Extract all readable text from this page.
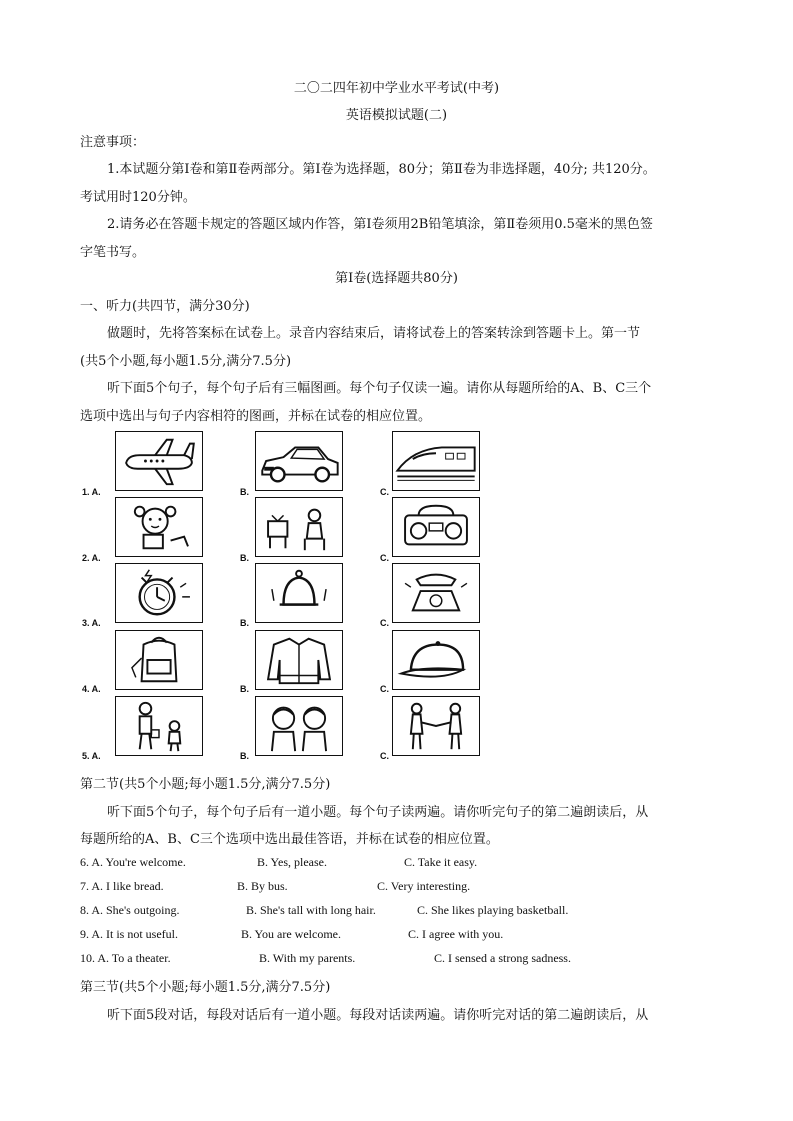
二〇二四年初中学业水平考试(中考)
英语模拟试题(二)
注意事项：
1.本试题分第Ⅰ卷和第Ⅱ卷两部分。第Ⅰ卷为选择题，80分；第Ⅱ卷为非选择题，40分; 共120分。
考试用时120分钟。
2.请务必在答题卡规定的答题区域内作答，第Ⅰ卷须用2B铅笔填涂，第Ⅱ卷须用0.5毫米的黑色签
字笔书写。
第Ⅰ卷(选择题共80分)
一、听力(共四节，满分30分)
做题时，先将答案标在试卷上。录音内容结束后，请将试卷上的答案转涂到答题卡上。第一节
(共5个小题,每小题1.5分,满分7.5分)
听下面5个句子，每个句子后有三幅图画。每个句子仅读一遍。请你从每题所给的A、B、C三个
选项中选出与句子内容相符的图画，并标在试卷的相应位置。
1. A.	B.	C.
2. A.	B.	C.
3. A.	B.	C.
4. A.	B.	C.
5. A.	B.	C.
第二节(共5个小题;每小题1.5分,满分7.5分)
听下面5个句子，每个句子后有一道小题。每个句子读两遍。请你听完句子的第二遍朗读后，从
每题所给的A、B、C三个选项中选出最佳答语，并标在试卷的相应位置。
6. A. You're welcome.	B. Yes, please.	C. Take it easy.
7. A. I like bread.	B. By bus.	C. Very interesting.
8. A. She's outgoing.	B. She's tall with long hair.	C. She likes playing basketball.
9. A. It is not useful.	B. You are welcome.	C. I agree with you.
10. A. To a theater.	B. With my parents.	C. I sensed a strong sadness.
第三节(共5个小题;每小题1.5分,满分7.5分)
听下面5段对话，每段对话后有一道小题。每段对话读两遍。请你听完对话的第二遍朗读后，从
